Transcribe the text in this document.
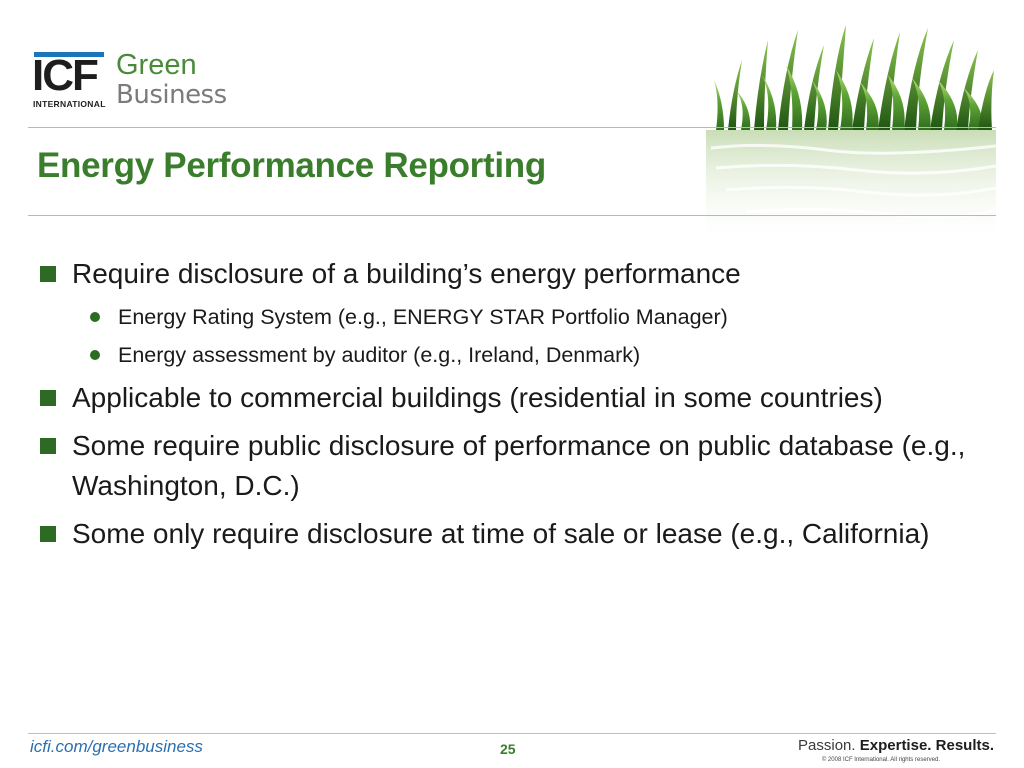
ICF
INTERNATIONAL
Green
Business
Energy Performance Reporting
Require disclosure of a building’s energy performance
Energy Rating System (e.g., ENERGY STAR Portfolio Manager)
Energy assessment by auditor (e.g., Ireland, Denmark)
Applicable to commercial buildings (residential in some countries)
Some require public disclosure of performance on public database (e.g., Washington, D.C.)
Some only require disclosure at time of sale or lease (e.g., California)
icfi.com/greenbusiness	25	Passion. Expertise. Results.
© 2008 ICF International. All rights reserved.
